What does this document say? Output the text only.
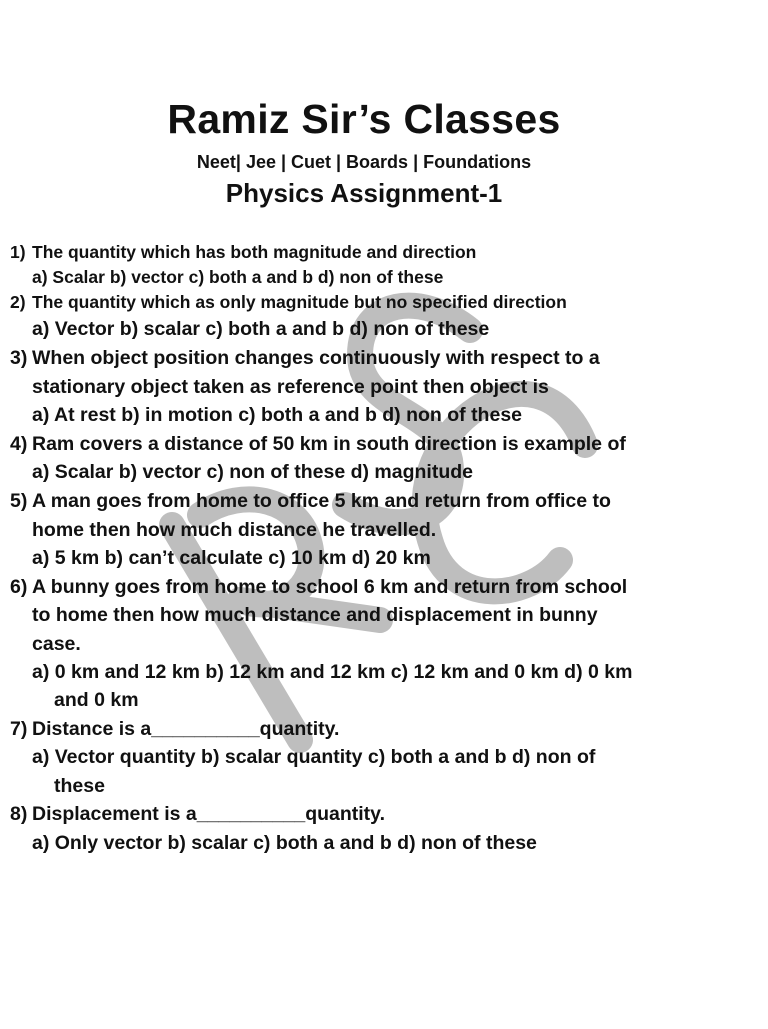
Ramiz Sir’s Classes
Neet| Jee | Cuet | Boards | Foundations
Physics Assignment-1
1) The quantity which has both magnitude and direction
a) Scalar b) vector c) both a and b d) non of these
2) The quantity which as only magnitude but no specified direction
a) Vector b) scalar c) both a and b d) non of these
3) When object position changes continuously with respect to a
stationary object taken as reference point then object is
a) At rest b) in motion c) both a and b d) non of these
4) Ram covers a distance of 50 km in south direction is example of
a) Scalar b) vector c) non of these d) magnitude
5) A man goes from home to office 5 km and return from office to
home then how much distance he travelled.
a) 5 km b) can’t calculate c) 10 km d) 20 km
6) A bunny goes from home to school 6 km and return from school
to home then how much distance and displacement in bunny
case.
a) 0 km and 12 km b) 12 km and 12 km c) 12 km and 0 km d) 0 km
and 0 km
7) Distance is a__________quantity.
a) Vector quantity b) scalar quantity c) both a and b d) non of
these
8) Displacement is a__________quantity.
a) Only vector b) scalar c) both a and b d) non of these
